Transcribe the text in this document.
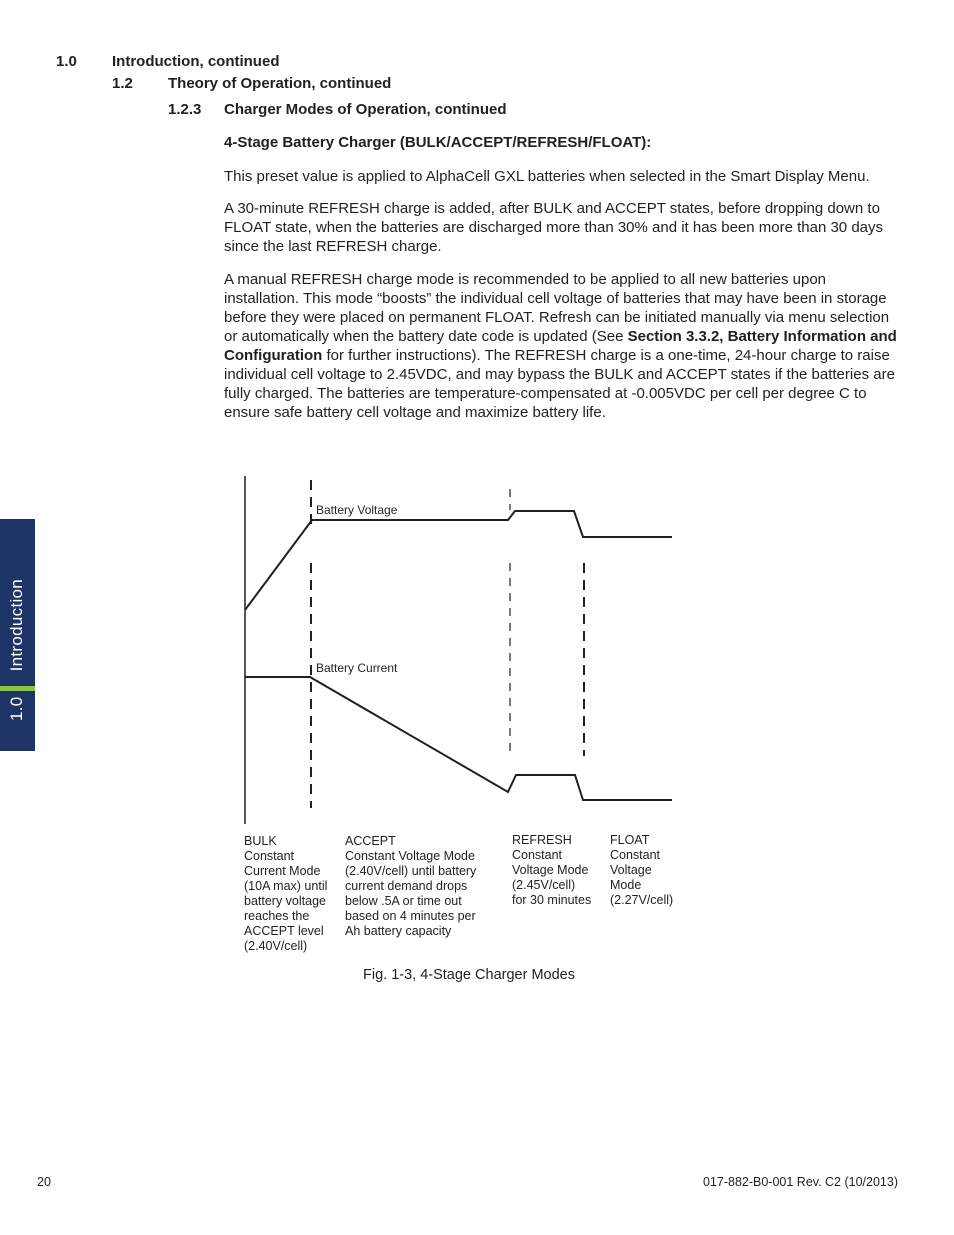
1.0 Introduction, continued
1.2 Theory of Operation, continued
1.2.3 Charger Modes of Operation, continued
4-Stage Battery Charger (BULK/ACCEPT/REFRESH/FLOAT):
This preset value is applied to AlphaCell GXL batteries when selected in the Smart Display Menu.
A 30-minute REFRESH charge is added, after BULK and ACCEPT states, before dropping down to FLOAT state, when the batteries are discharged more than 30% and it has been more than 30 days since the last REFRESH charge.
A manual REFRESH charge mode is recommended to be applied to all new batteries upon installation. This mode “boosts” the individual cell voltage of batteries that may have been in storage before they were placed on permanent FLOAT. Refresh can be initiated manually via menu selection or automatically when the battery date code is updated (See Section 3.3.2, Battery Information and Configuration for further instructions). The REFRESH charge is a one-time, 24-hour charge to raise individual cell voltage to 2.45VDC, and may bypass the BULK and ACCEPT states if the batteries are fully charged. The batteries are temperature-compensated at -0.005VDC per cell per degree C to ensure safe battery cell voltage and maximize battery life.
1.0     Introduction
Battery Voltage
Battery Current
BULK
Constant
Current Mode
(10A max) until
battery voltage
reaches the
ACCEPT level
(2.40V/cell)
ACCEPT
Constant Voltage Mode
(2.40V/cell) until battery
current demand drops
below .5A or time out
based on 4 minutes per
Ah battery capacity
REFRESH
Constant
Voltage Mode
(2.45V/cell)
for 30 minutes
FLOAT
Constant
Voltage
Mode
(2.27V/cell)
Fig. 1-3, 4-Stage Charger Modes
20	017-882-B0-001 Rev. C2 (10/2013)
